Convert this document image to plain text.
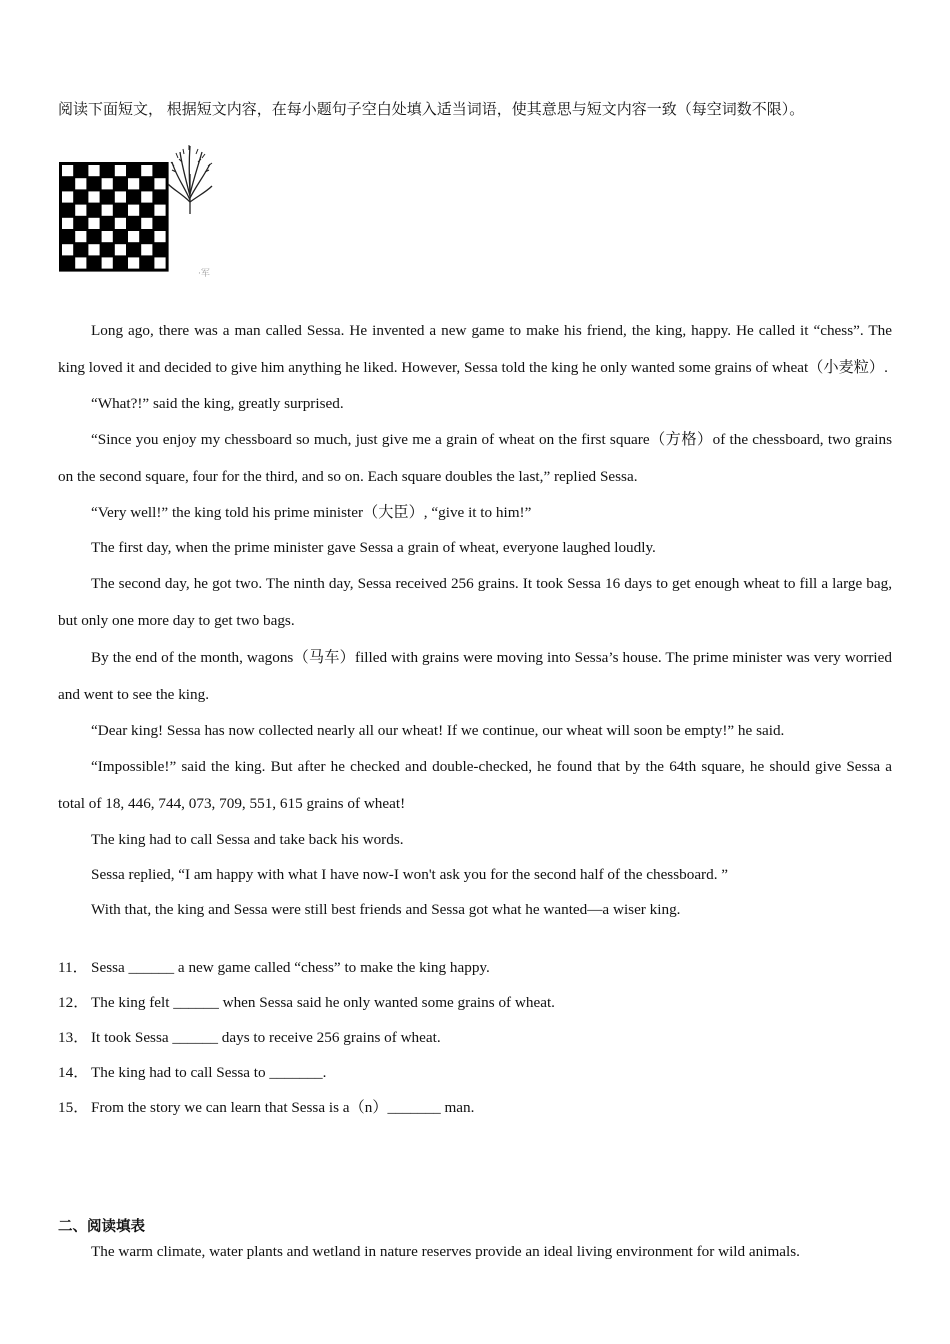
阅读下面短文， 根据短文内容，在每小题句子空白处填入适当词语，使其意思与短文内容一致（每空词数不限）。
·军

Long ago, there was a man called Sessa. He invented a new game to make his friend, the king, happy. He called it “chess”. The king loved it and decided to give him anything he liked. However, Sessa told the king he only wanted some grains of wheat（小麦粒）.

“What?!” said the king, greatly surprised.

“Since you enjoy my chessboard so much, just give me a grain of wheat on the first square（方格）of the chessboard, two grains on the second square, four for the third, and so on. Each square doubles the last,” replied Sessa.

“Very well!” the king told his prime minister（大臣）, “give it to him!”

The first day, when the prime minister gave Sessa a grain of wheat, everyone laughed loudly.

The second day, he got two. The ninth day, Sessa received 256 grains. It took Sessa 16 days to get enough wheat to fill a large bag, but only one more day to get two bags.

By the end of the month, wagons（马车）filled with grains were moving into Sessa’s house. The prime minister was very worried and went to see the king.

“Dear king! Sessa has now collected nearly all our wheat! If we continue, our wheat will soon be empty!” he said.

“Impossible!” said the king. But after he checked and double-checked, he found that by the 64th square, he should give Sessa a total of 18, 446, 744, 073, 709, 551, 615 grains of wheat!

The king had to call Sessa and take back his words.

Sessa replied, “I am happy with what I have now-I won't ask you for the second half of the chessboard. ”

With that, the king and Sessa were still best friends and Sessa got what he wanted—a wiser king.

11． Sessa ______ a new game called “chess” to make the king happy.
12． The king felt ______ when Sessa said he only wanted some grains of wheat.
13． It took Sessa ______ days to receive 256 grains of wheat.
14． The king had to call Sessa to _______.
15． From the story we can learn that Sessa is a（n）_______ man.
二、阅读填表
The warm climate, water plants and wetland in nature reserves provide an ideal living environment for wild animals.
